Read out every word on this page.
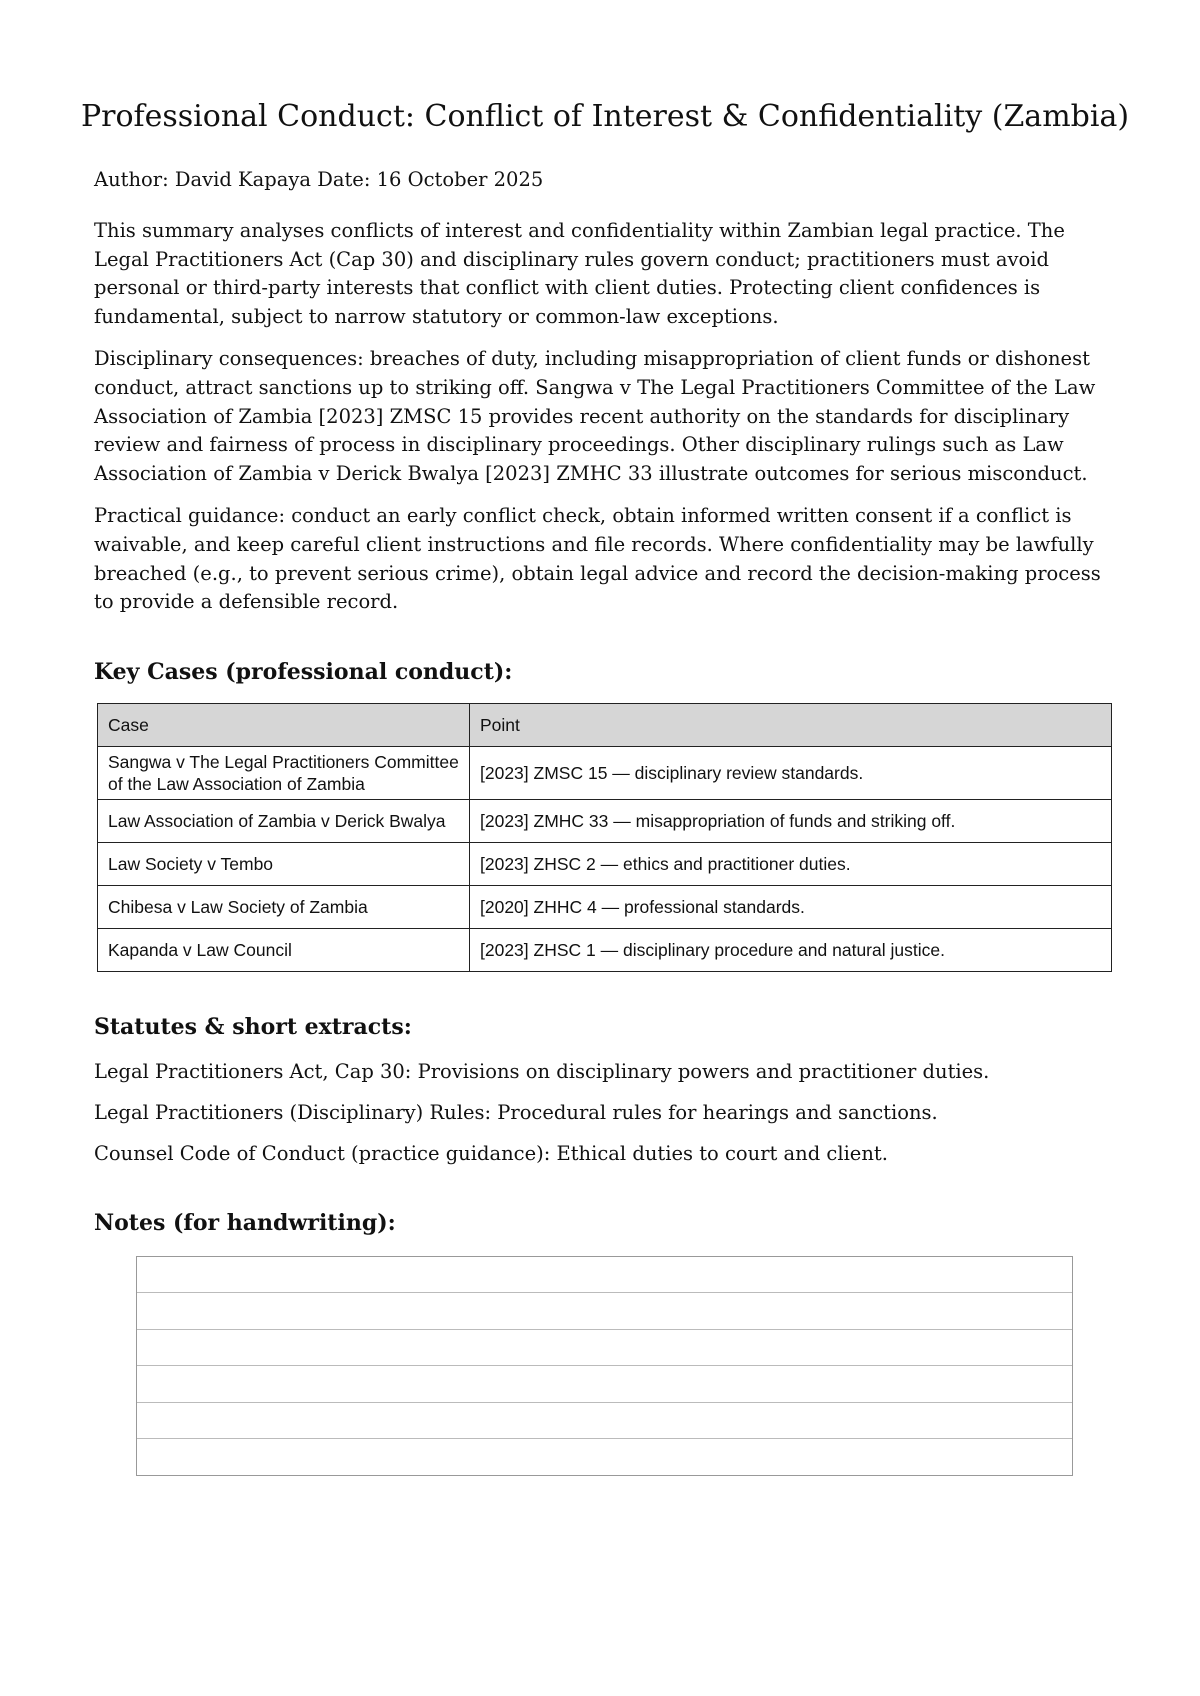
Professional Conduct: Conflict of Interest & Confidentiality (Zambia)
Author: David Kapaya Date: 16 October 2025

This summary analyses conflicts of interest and confidentiality within Zambian legal practice. The Legal Practitioners Act (Cap 30) and disciplinary rules govern conduct; practitioners must avoid personal or third-party interests that conflict with client duties. Protecting client confidences is fundamental, subject to narrow statutory or common-law exceptions.

Disciplinary consequences: breaches of duty, including misappropriation of client funds or dishonest conduct, attract sanctions up to striking off. Sangwa v The Legal Practitioners Committee of the Law Association of Zambia [2023] ZMSC 15 provides recent authority on the standards for disciplinary review and fairness of process in disciplinary proceedings. Other disciplinary rulings such as Law Association of Zambia v Derick Bwalya [2023] ZMHC 33 illustrate outcomes for serious misconduct.

Practical guidance: conduct an early conflict check, obtain informed written consent if a conflict is waivable, and keep careful client instructions and file records. Where confidentiality may be lawfully breached (e.g., to prevent serious crime), obtain legal advice and record the decision-making process to provide a defensible record.

Key Cases (professional conduct):
Case	Point
Sangwa v The Legal Practitioners Committee of the Law Association of Zambia	[2023] ZMSC 15 — disciplinary review standards.
Law Association of Zambia v Derick Bwalya	[2023] ZMHC 33 — misappropriation of funds and striking off.
Law Society v Tembo	[2023] ZHSC 2 — ethics and practitioner duties.
Chibesa v Law Society of Zambia	[2020] ZHHC 4 — professional standards.
Kapanda v Law Council	[2023] ZHSC 1 — disciplinary procedure and natural justice.
Statutes & short extracts:
Legal Practitioners Act, Cap 30: Provisions on disciplinary powers and practitioner duties.
Legal Practitioners (Disciplinary) Rules: Procedural rules for hearings and sanctions.
Counsel Code of Conduct (practice guidance): Ethical duties to court and client.
Notes (for handwriting):
